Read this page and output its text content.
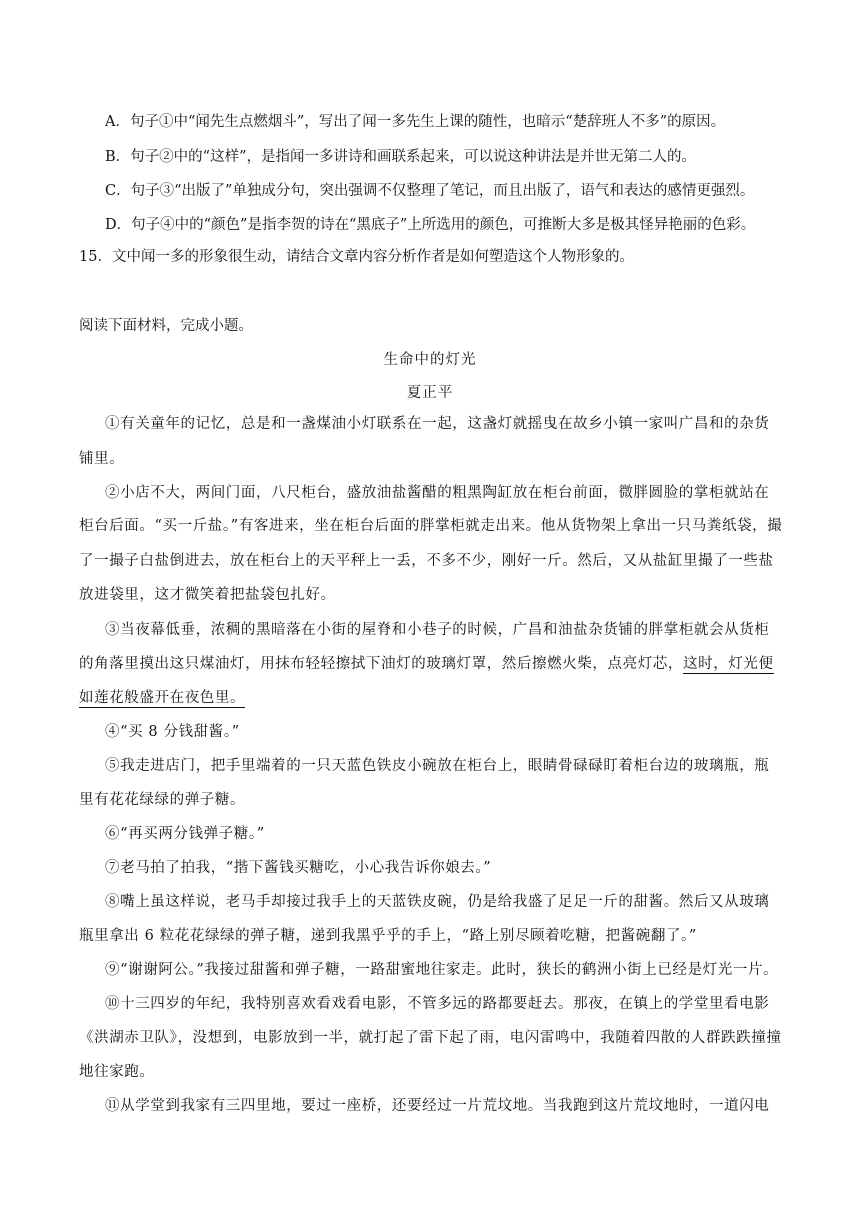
A．句子①中“闻先生点燃烟斗”，写出了闻一多先生上课的随性，也暗示“楚辞班人不多”的原因。
B．句子②中的“这样”，是指闻一多讲诗和画联系起来，可以说这种讲法是并世无第二人的。
C．句子③“出版了”单独成分句，突出强调不仅整理了笔记，而且出版了，语气和表达的感情更强烈。
D．句子④中的“颜色”是指李贺的诗在“黑底子”上所选用的颜色，可推断大多是极其怪异艳丽的色彩。
15．文中闻一多的形象很生动，请结合文章内容分析作者是如何塑造这个人物形象的。
阅读下面材料，完成小题。
生命中的灯光
夏正平
①有关童年的记忆，总是和一盏煤油小灯联系在一起，这盏灯就摇曳在故乡小镇一家叫广昌和的杂货
铺里。
②小店不大，两间门面，八尺柜台，盛放油盐酱醋的粗黑陶缸放在柜台前面，微胖圆脸的掌柜就站在
柜台后面。“买一斤盐。”有客进来，坐在柜台后面的胖掌柜就走出来。他从货物架上拿出一只马粪纸袋，撮
了一撮子白盐倒进去，放在柜台上的天平秤上一丢，不多不少，刚好一斤。然后，又从盐缸里撮了一些盐
放进袋里，这才微笑着把盐袋包扎好。
③当夜幕低垂，浓稠的黑暗落在小街的屋脊和小巷子的时候，广昌和油盐杂货铺的胖掌柜就会从货柜
的角落里摸出这只煤油灯，用抹布轻轻擦拭下油灯的玻璃灯罩，然后擦燃火柴，点亮灯芯，这时，灯光便
如莲花般盛开在夜色里。
④“买 8 分钱甜酱。”
⑤我走进店门，把手里端着的一只天蓝色铁皮小碗放在柜台上，眼睛骨碌碌盯着柜台边的玻璃瓶，瓶
里有花花绿绿的弹子糖。
⑥“再买两分钱弹子糖。”
⑦老马拍了拍我，“揩下酱钱买糖吃，小心我告诉你娘去。”
⑧嘴上虽这样说，老马手却接过我手上的天蓝铁皮碗，仍是给我盛了足足一斤的甜酱。然后又从玻璃
瓶里拿出 6 粒花花绿绿的弹子糖，递到我黑乎乎的手上，“路上别尽顾着吃糖，把酱碗翻了。”
⑨“谢谢阿公。”我接过甜酱和弹子糖，一路甜蜜地往家走。此时，狭长的鹤洲小街上已经是灯光一片。
⑩十三四岁的年纪，我特别喜欢看戏看电影，不管多远的路都要赶去。那夜，在镇上的学堂里看电影
《洪湖赤卫队》，没想到，电影放到一半，就打起了雷下起了雨，电闪雷鸣中，我随着四散的人群跌跌撞撞
地往家跑。
⑪从学堂到我家有三四里地，要过一座桥，还要经过一片荒坟地。当我跑到这片荒坟地时，一道闪电
